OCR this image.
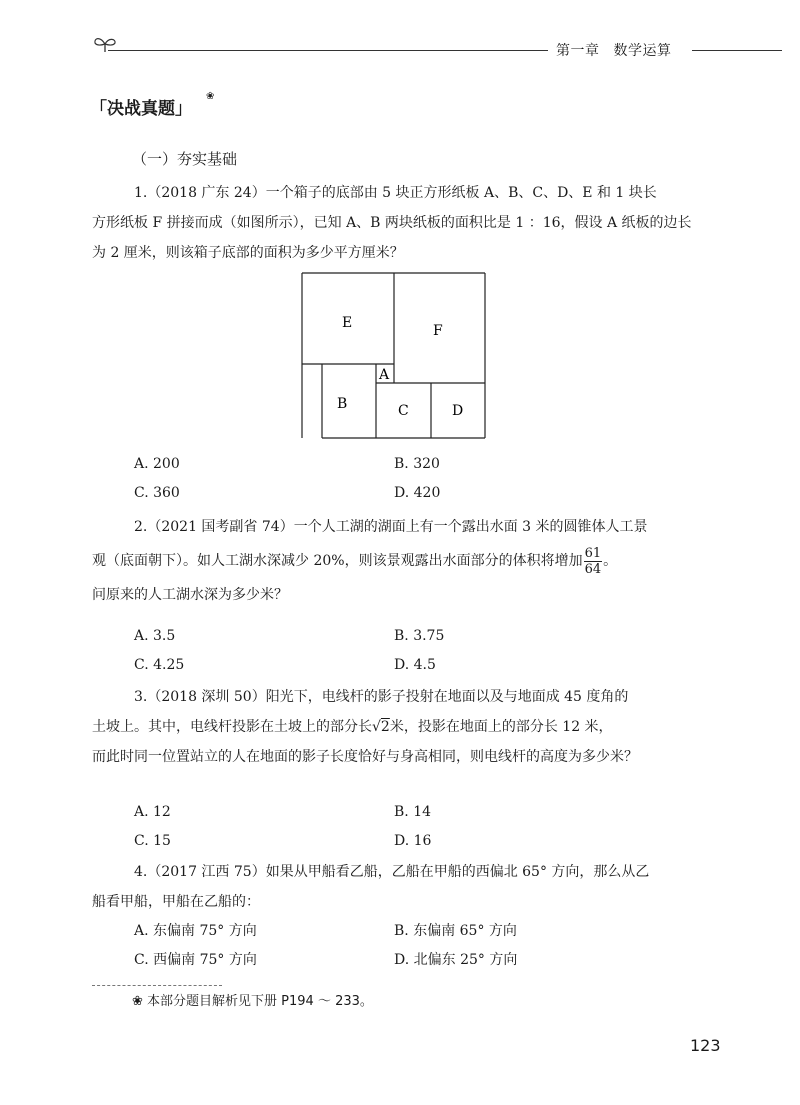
第一章 数学运算
「决战真题」
❀
（一）夯实基础
1.（2018 广东 24）一个箱子的底部由 5 块正方形纸板 A、B、C、D、E 和 1 块长
方形纸板 F 拼接而成（如图所示），已知 A、B 两块纸板的面积比是 1 ：16，假设 A 纸板的边长为 2 厘米，则该箱子底部的面积为多少平方厘米？
E	F
A
B	C	D
A. 200	B. 320
C. 360	D. 420
2.（2021 国考副省 74）一个人工湖的湖面上有一个露出水面 3 米的圆锥体人工景
观（底面朝下）。如人工湖水深减少 20%，则该景观露出水面部分的体积将增加 $\frac{61}{64}$ 。
问原来的人工湖水深为多少米？
A. 3.5	B. 3.75
C. 4.25	D. 4.5
3.（2018 深圳 50）阳光下，电线杆的影子投射在地面以及与地面成 45 度角的
土坡上。其中，电线杆投影在土坡上的部分长√2米，投影在地面上的部分长 12 米，
而此时同一位置站立的人在地面的影子长度恰好与身高相同，则电线杆的高度为多少米？
A. 12	B. 14
C. 15	D. 16
4.（2017 江西 75）如果从甲船看乙船，乙船在甲船的西偏北 65° 方向，那么从乙
船看甲船，甲船在乙船的：
A. 东偏南 75° 方向	B. 东偏南 65° 方向
C. 西偏南 75° 方向	D. 北偏东 25° 方向
❀ 本部分题目解析见下册 P194 ～ 233。
123
